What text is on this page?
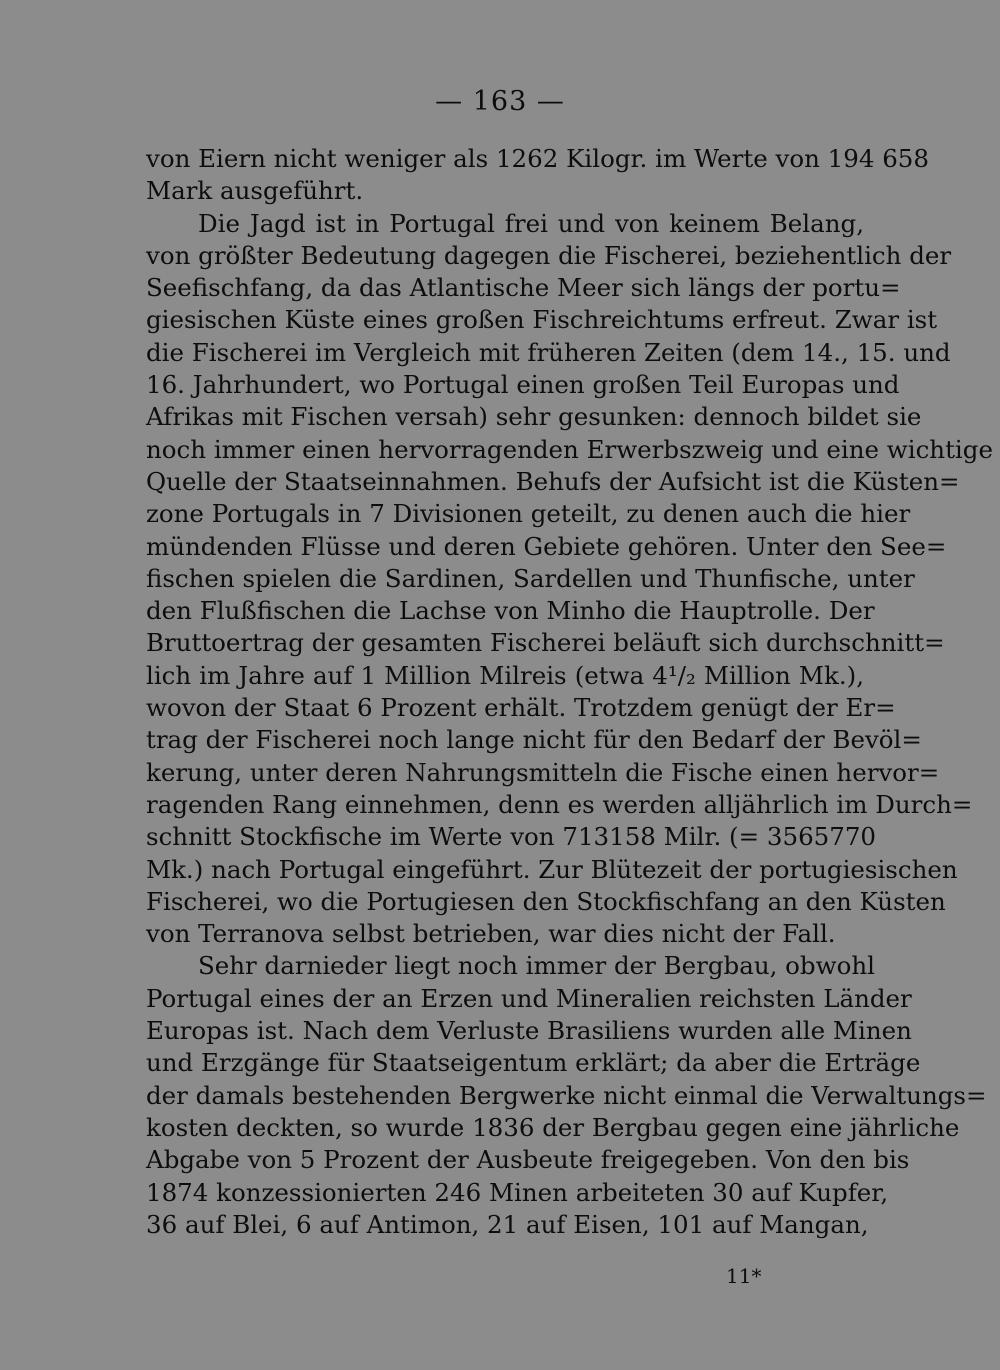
— 163 —
von Eiern nicht weniger als 1262 Kilogr. im Werte von 194 658
Mark ausgeführt.
Die Jagd ist in Portugal frei und von keinem Belang,
von größter Bedeutung dagegen die Fischerei, beziehentlich der
Seefischfang, da das Atlantische Meer sich längs der portu=
giesischen Küste eines großen Fischreichtums erfreut. Zwar ist
die Fischerei im Vergleich mit früheren Zeiten (dem 14., 15. und
16. Jahrhundert, wo Portugal einen großen Teil Europas und
Afrikas mit Fischen versah) sehr gesunken: dennoch bildet sie
noch immer einen hervorragenden Erwerbszweig und eine wichtige
Quelle der Staatseinnahmen. Behufs der Aufsicht ist die Küsten=
zone Portugals in 7 Divisionen geteilt, zu denen auch die hier
mündenden Flüsse und deren Gebiete gehören. Unter den See=
fischen spielen die Sardinen, Sardellen und Thunfische, unter
den Flußfischen die Lachse von Minho die Hauptrolle. Der
Bruttoertrag der gesamten Fischerei beläuft sich durchschnitt=
lich im Jahre auf 1 Million Milreis (etwa 4¹/₂ Million Mk.),
wovon der Staat 6 Prozent erhält. Trotzdem genügt der Er=
trag der Fischerei noch lange nicht für den Bedarf der Bevöl=
kerung, unter deren Nahrungsmitteln die Fische einen hervor=
ragenden Rang einnehmen, denn es werden alljährlich im Durch=
schnitt Stockfische im Werte von 713158 Milr. (= 3565770
Mk.) nach Portugal eingeführt. Zur Blütezeit der portugiesischen
Fischerei, wo die Portugiesen den Stockfischfang an den Küsten
von Terranova selbst betrieben, war dies nicht der Fall.
Sehr darnieder liegt noch immer der Bergbau, obwohl
Portugal eines der an Erzen und Mineralien reichsten Länder
Europas ist. Nach dem Verluste Brasiliens wurden alle Minen
und Erzgänge für Staatseigentum erklärt; da aber die Erträge
der damals bestehenden Bergwerke nicht einmal die Verwaltungs=
kosten deckten, so wurde 1836 der Bergbau gegen eine jährliche
Abgabe von 5 Prozent der Ausbeute freigegeben. Von den bis
1874 konzessionierten 246 Minen arbeiteten 30 auf Kupfer,
36 auf Blei, 6 auf Antimon, 21 auf Eisen, 101 auf Mangan,
11*
